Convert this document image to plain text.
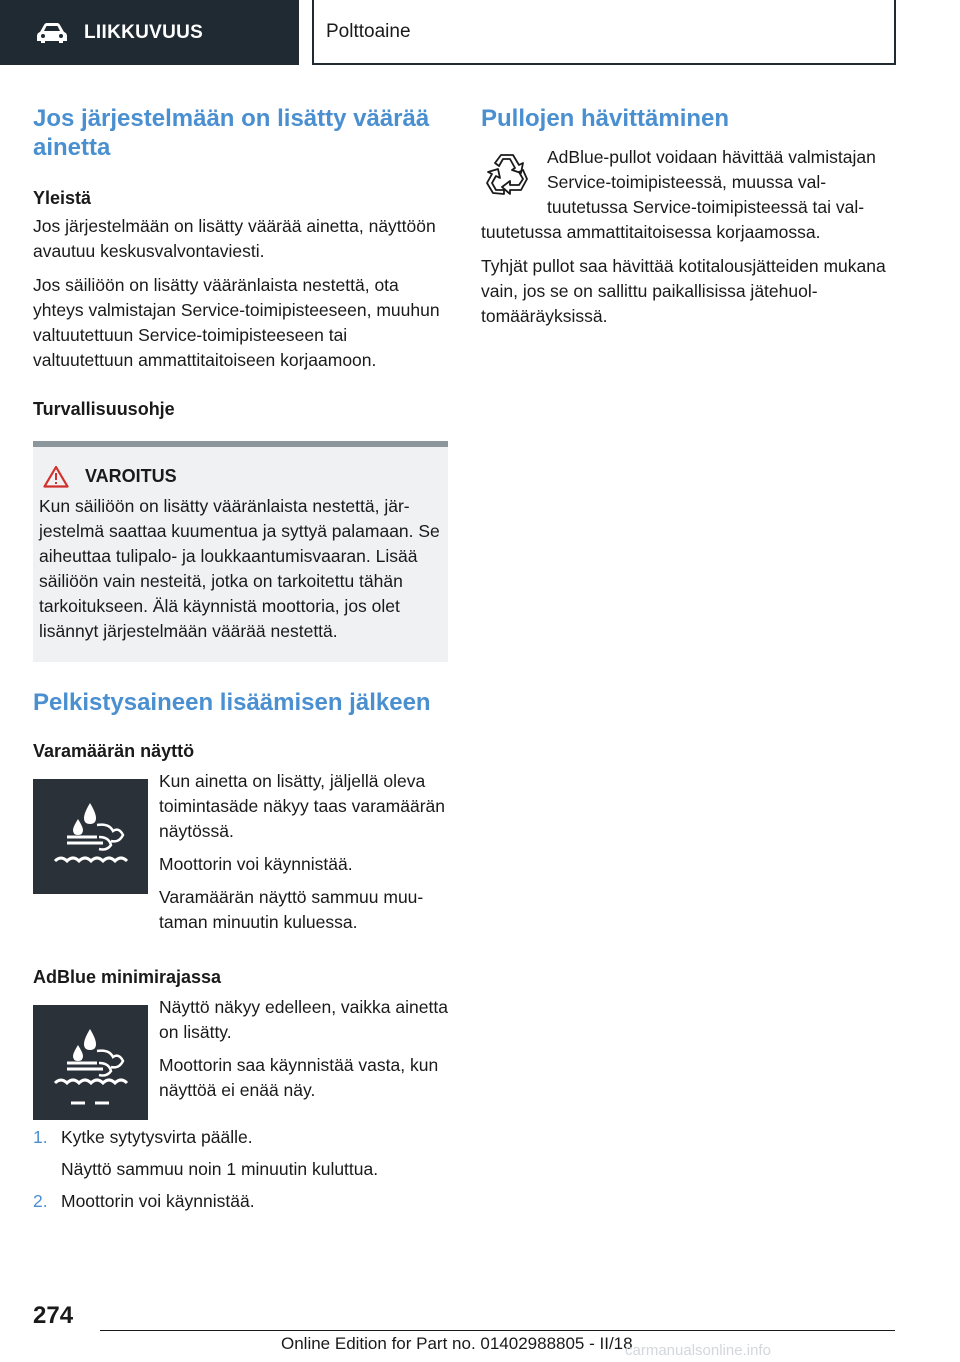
LIIKKUVUUS	Polttoaine
Jos järjestelmään on lisätty väärää ainetta
Yleistä

Jos järjestelmään on lisätty väärää ainetta, näyttöön avautuu keskusvalvontaviesti.

Jos säiliöön on lisätty vääränlaista nestettä, ota yhteys valmistajan Service-toimipisteeseen, muuhun valtuutettuun Service-toimipisteeseen tai valtuutettuun ammattitaitoiseen korjaamoon.

Turvallisuusohje
VAROITUS

Kun säiliöön on lisätty vääränlaista nestettä, järjestelmä saattaa kuumentua ja syttyä palamaan. Se aiheuttaa tulipalo- ja loukkaantumisvaaran. Lisää säiliöön vain nesteitä, jotka on tarkoitettu tähän tarkoitukseen. Älä käynnistä moottoria, jos olet lisännyt järjestelmään väärää nestettä.

Pelkistysaineen lisäämisen jälkeen
Varamäärän näyttö

Kun ainetta on lisätty, jäljellä oleva toimintasäde näkyy taas varamäärän näytössä.

Moottorin voi käynnistää.

Varamäärän näyttö sammuu muutaman minuutin kuluessa.

AdBlue minimirajassa

Näyttö näkyy edelleen, vaikka ainetta on lisätty.

Moottorin saa käynnistää vasta, kun näyttöä ei enää näy.

1. Kytke sytytysvirta päälle.

Näyttö sammuu noin 1 minuutin kuluttua.

2. Moottorin voi käynnistää.

Pullojen hävittäminen

AdBlue-pullot voidaan hävittää valmistajan Service-toimipisteessä, muussa valtuutetussa Service-toimipisteessä tai valtuutetussa ammattitaitoisessa korjaamossa.

Tyhjät pullot saa hävittää kotitalousjätteiden mukana vain, jos se on sallittu paikallisissa jätehuoltomääräyksissä.

274
Online Edition for Part no. 01402988805 - II/18
carmanualsonline.info
